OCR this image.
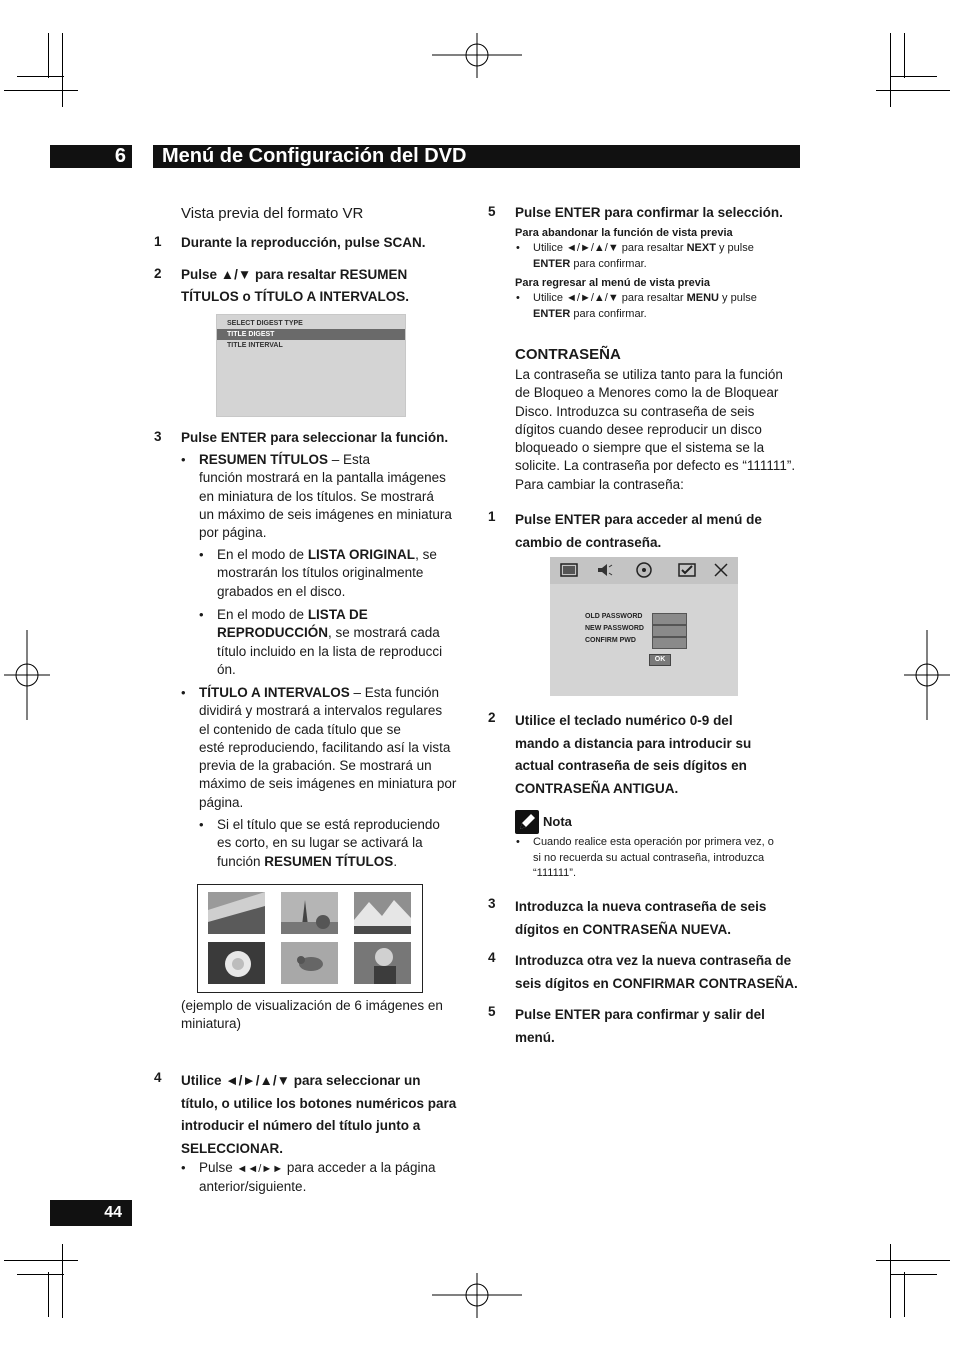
6	Menú de Configuración del DVD
Vista previa del formato VR
1 Durante la reproducción, pulse SCAN.
2 Pulse ▲/▼ para resaltar RESUMEN
TÍTULOS o TÍTULO A INTERVALOS.
SELECT DIGEST TYPE
TITLE DIGEST
TITLE INTERVAL
3 Pulse ENTER para seleccionar la función.
• RESUMEN TÍTULOS – Esta
función mostrará en la pantalla imágenes
en miniatura de los títulos. Se mostrará
un máximo de seis imágenes en miniatura
por página.
• En el modo de LISTA ORIGINAL, se
mostrarán los títulos originalmente
grabados en el disco.
• En el modo de LISTA DE
REPRODUCCIÓN, se mostrará cada
título incluido en la lista de reproducci
ón.
• TÍTULO A INTERVALOS – Esta función
dividirá y mostrará a intervalos regulares
el contenido de cada título que se
esté reproduciendo, facilitando así la vista
previa de la grabación. Se mostrará un
máximo de seis imágenes en miniatura por
página.
• Si el título que se está reproduciendo
es corto, en su lugar se activará la
función RESUMEN TÍTULOS.
(ejemplo de visualización de 6 imágenes en
miniatura)
4 Utilice ◄/►/▲/▼ para seleccionar un
título, o utilice los botones numéricos para
introducir el número del título junto a
SELECCIONAR.
• Pulse ◄◄/►► para acceder a la página
anterior/siguiente.
44
5 Pulse ENTER para confirmar la selección.
Para abandonar la función de vista previa
• Utilice ◄/►/▲/▼ para resaltar NEXT y pulse
ENTER para confirmar.
Para regresar al menú de vista previa
• Utilice ◄/►/▲/▼ para resaltar MENU y pulse
ENTER para confirmar.
CONTRASEÑA
La contraseña se utiliza tanto para la función
de Bloqueo a Menores como la de Bloquear
Disco. Introduzca su contraseña de seis
dígitos cuando desee reproducir un disco
bloqueado o siempre que el sistema se la
solicite. La contraseña por defecto es “111111”.
Para cambiar la contraseña:
1 Pulse ENTER para acceder al menú de
cambio de contraseña.
OLD PASSWORD
NEW PASSWORD
CONFIRM PWD
OK
2 Utilice el teclado numérico 0-9 del
mando a distancia para introducir su
actual contraseña de seis dígitos en
CONTRASEÑA ANTIGUA.
Nota
• Cuando realice esta operación por primera vez, o
si no recuerda su actual contraseña, introduzca
“111111”.
3 Introduzca la nueva contraseña de seis
dígitos en CONTRASEÑA NUEVA.
4 Introduzca otra vez la nueva contraseña de
seis dígitos en CONFIRMAR CONTRASEÑA.
5 Pulse ENTER para confirmar y salir del
menú.
